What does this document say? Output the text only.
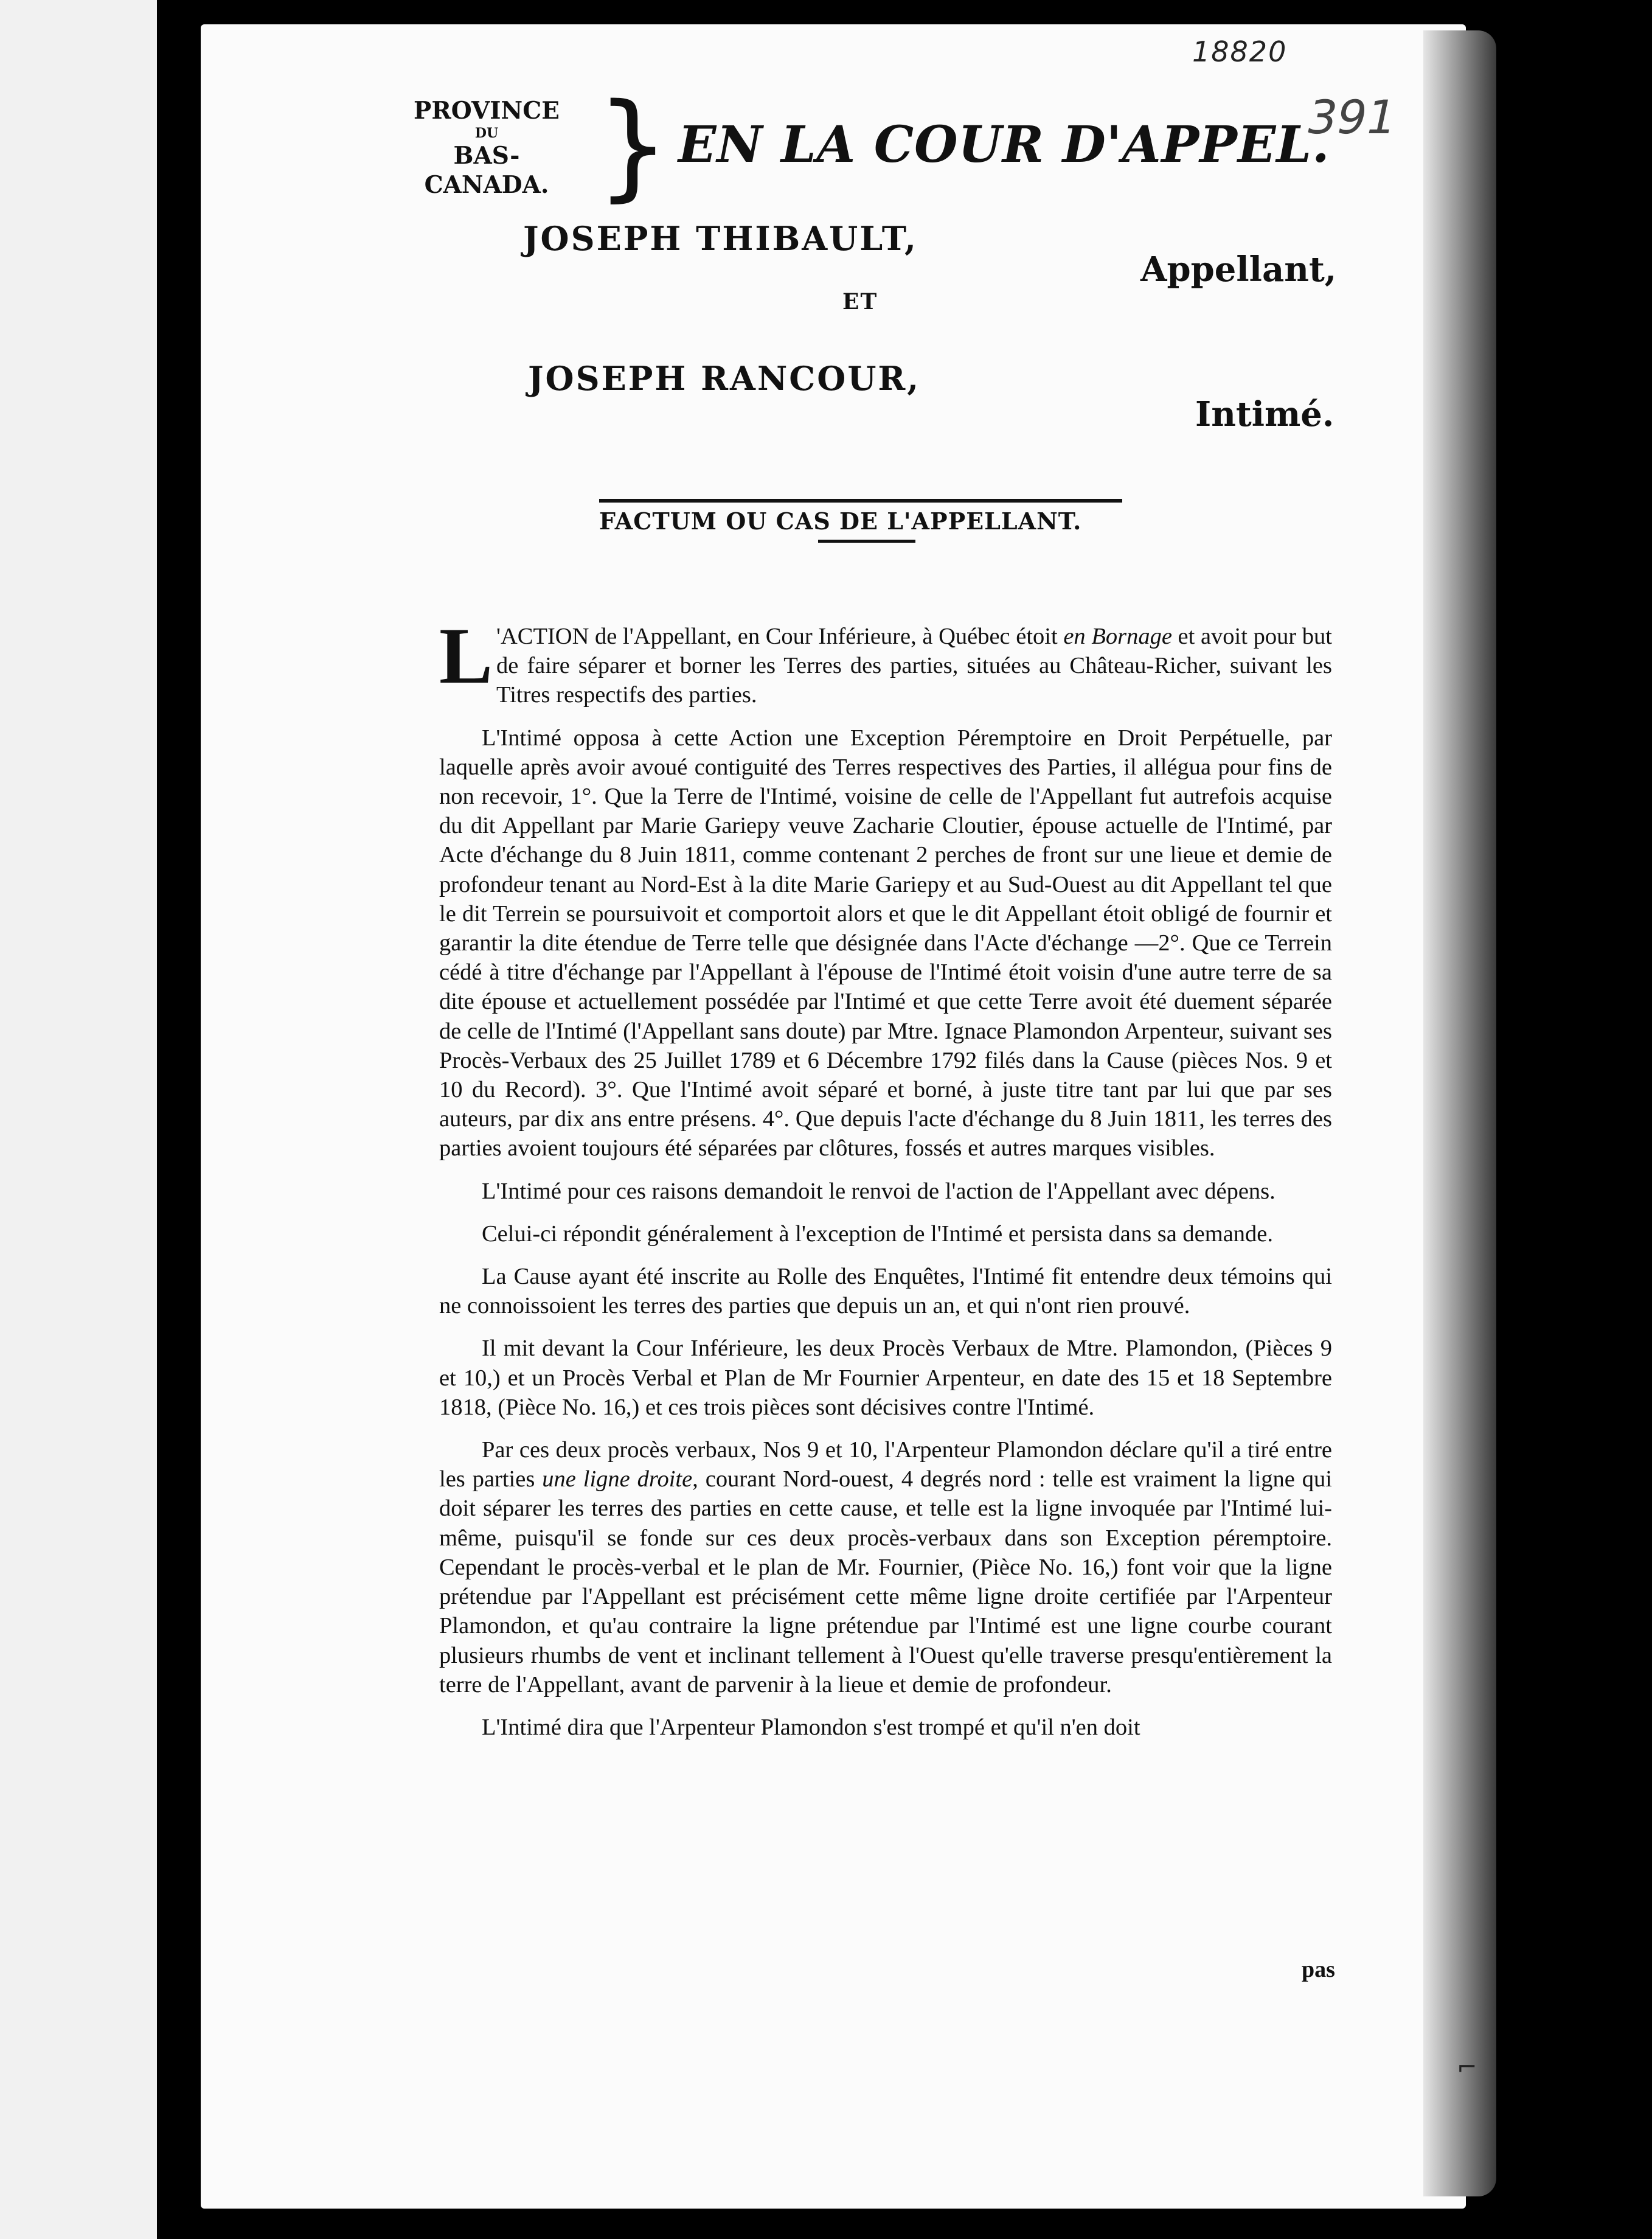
18820
391
PROVINCE
DU
BAS-CANADA. } EN LA COUR D'APPEL.
JOSEPH THIBAULT,
Appellant,
ET
JOSEPH RANCOUR,
Intimé.
FACTUM OU CAS DE L'APPELLANT.

L 'ACTION de l'Appellant, en Cour Inférieure, à Québec étoit en Bornage et avoit pour but de faire séparer et borner les Terres des parties, situées au Château-Richer, suivant les Titres respectifs des parties.

L'Intimé opposa à cette Action une Exception Péremptoire en Droit Perpétuelle, par laquelle après avoir avoué contiguité des Terres respectives des Parties, il allégua pour fins de non recevoir, 1°. Que la Terre de l'Intimé, voisine de celle de l'Appellant fut autrefois acquise du dit Appellant par Marie Gariepy veuve Zacharie Cloutier, épouse actuelle de l'Intimé, par Acte d'échange du 8 Juin 1811, comme contenant 2 perches de front sur une lieue et demie de profondeur tenant au Nord-Est à la dite Marie Gariepy et au Sud-Ouest au dit Appellant tel que le dit Terrein se poursuivoit et comportoit alors et que le dit Appellant étoit obligé de fournir et garantir la dite étendue de Terre telle que désignée dans l'Acte d'échange —2°. Que ce Terrein cédé à titre d'échange par l'Appellant à l'épouse de l'Intimé étoit voisin d'une autre terre de sa dite épouse et actuellement possédée par l'Intimé et que cette Terre avoit été duement séparée de celle de l'Intimé (l'Appellant sans doute) par Mtre. Ignace Plamondon Arpenteur, suivant ses Procès-Verbaux des 25 Juillet 1789 et 6 Décembre 1792 filés dans la Cause (pièces Nos. 9 et 10 du Record). 3°. Que l'Intimé avoit séparé et borné, à juste titre tant par lui que par ses auteurs, par dix ans entre présens. 4°. Que depuis l'acte d'échange du 8 Juin 1811, les terres des parties avoient toujours été séparées par clôtures, fossés et autres marques visibles.

L'Intimé pour ces raisons demandoit le renvoi de l'action de l'Appellant avec dépens.

Celui-ci répondit généralement à l'exception de l'Intimé et persista dans sa demande.

La Cause ayant été inscrite au Rolle des Enquêtes, l'Intimé fit entendre deux témoins qui ne connoissoient les terres des parties que depuis un an, et qui n'ont rien prouvé.

Il mit devant la Cour Inférieure, les deux Procès Verbaux de Mtre. Plamondon, (Pièces 9 et 10,) et un Procès Verbal et Plan de Mr Fournier Arpenteur, en date des 15 et 18 Septembre 1818, (Pièce No. 16,) et ces trois pièces sont décisives contre l'Intimé.

Par ces deux procès verbaux, Nos 9 et 10, l'Arpenteur Plamondon déclare qu'il a tiré entre les parties une ligne droite, courant Nord-ouest, 4 degrés nord : telle est vraiment la ligne qui doit séparer les terres des parties en cette cause, et telle est la ligne invoquée par l'Intimé lui-même, puisqu'il se fonde sur ces deux procès-verbaux dans son Exception péremptoire. Cependant le procès-verbal et le plan de Mr. Fournier, (Pièce No. 16,) font voir que la ligne prétendue par l'Appellant est précisément cette même ligne droite certifiée par l'Arpenteur Plamondon, et qu'au contraire la ligne prétendue par l'Intimé est une ligne courbe courant plusieurs rhumbs de vent et inclinant tellement à l'Ouest qu'elle traverse presqu'entièrement la terre de l'Appellant, avant de parvenir à la lieue et demie de profondeur.

L'Intimé dira que l'Arpenteur Plamondon s'est trompé et qu'il n'en doit

pas
⌐
